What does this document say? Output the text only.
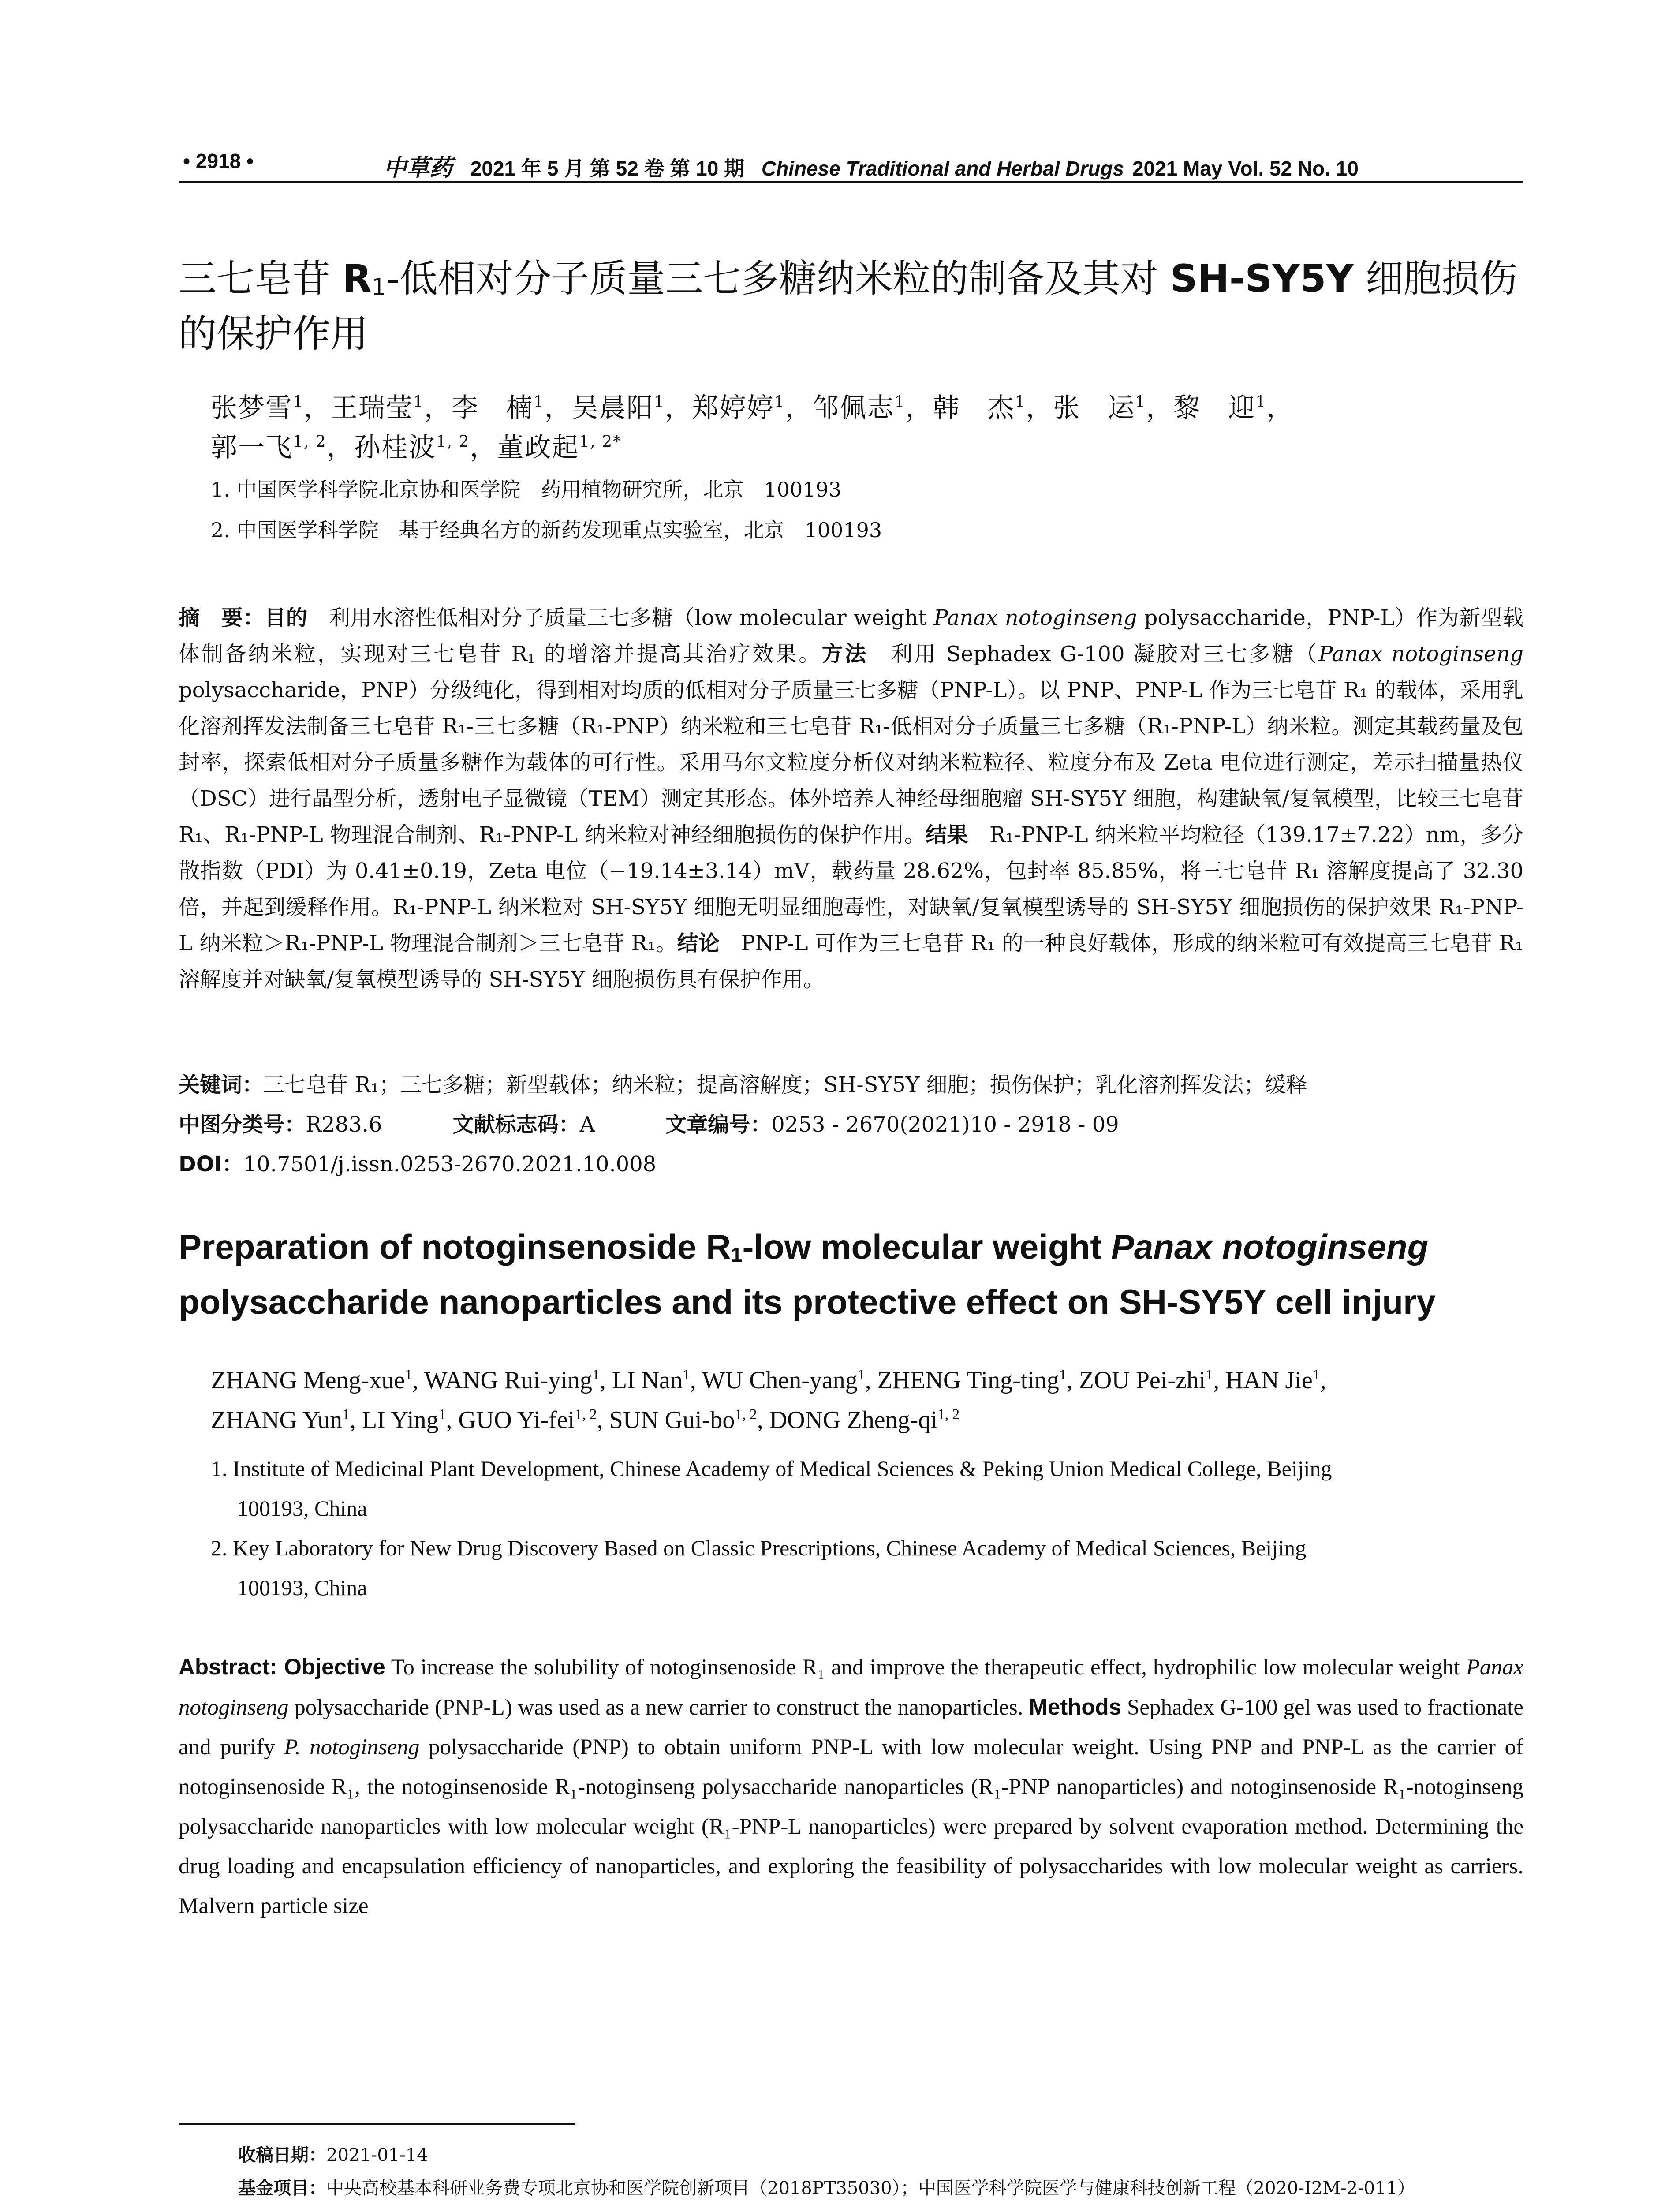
• 2918 •	中草药 2021 年 5 月 第 52 卷 第 10 期 Chinese Traditional and Herbal Drugs 2021 May Vol. 52 No. 10
三七皂苷 $R_1-$低相对分子质量三七多糖纳米粒的制备及其对 SH-SY5Y 细胞损伤的保护作用
张梦雪$^1$，王瑞莹$^1$，李　楠$^1$，吴晨阳$^1$，郑婷婷$^1$，邹佩志$^1$，韩　杰$^1$，张　运$^1$，黎　迎$^1$，
郭一飞$^{1, 2}$，孙桂波$^{1, 2}$，董政起$^{1, 2*}$
1. 中国医学科学院北京协和医学院　药用植物研究所，北京　100193
2. 中国医学科学院　基于经典名方的新药发现重点实验室，北京　100193
摘　要：目的　利用水溶性低相对分子质量三七多糖（low molecular weight Panax notoginseng polysaccharide，PNP-L）作为新型载体制备纳米粒，实现对三七皂苷 $R_1$ 的增溶并提高其治疗效果。方法　利用 Sephadex G-100 凝胶对三七多糖（Panax notoginseng polysaccharide，PNP）分级纯化，得到相对均质的低相对分子质量三七多糖（PNP-L）。以 PNP、PNP-L 作为三七皂苷 R₁ 的载体，采用乳化溶剂挥发法制备三七皂苷 R₁-三七多糖（R₁-PNP）纳米粒和三七皂苷 R₁-低相对分子质量三七多糖（R₁-PNP-L）纳米粒。测定其载药量及包封率，探索低相对分子质量多糖作为载体的可行性。采用马尔文粒度分析仪对纳米粒粒径、粒度分布及 Zeta 电位进行测定，差示扫描量热仪（DSC）进行晶型分析，透射电子显微镜（TEM）测定其形态。体外培养人神经母细胞瘤 SH-SY5Y 细胞，构建缺氧/复氧模型，比较三七皂苷 R₁、R₁-PNP-L 物理混合制剂、R₁-PNP-L 纳米粒对神经细胞损伤的保护作用。结果　R₁-PNP-L 纳米粒平均粒径（139.17±7.22）nm，多分散指数（PDI）为 0.41±0.19，Zeta 电位（−19.14±3.14）mV，载药量 28.62%，包封率 85.85%，将三七皂苷 R₁ 溶解度提高了 32.30 倍，并起到缓释作用。R₁-PNP-L 纳米粒对 SH-SY5Y 细胞无明显细胞毒性，对缺氧/复氧模型诱导的 SH-SY5Y 细胞损伤的保护效果 R₁-PNP-L 纳米粒＞R₁-PNP-L 物理混合制剂＞三七皂苷 R₁。结论　PNP-L 可作为三七皂苷 R₁ 的一种良好载体，形成的纳米粒可有效提高三七皂苷 R₁ 溶解度并对缺氧/复氧模型诱导的 SH-SY5Y 细胞损伤具有保护作用。
关键词：三七皂苷 R₁；三七多糖；新型载体；纳米粒；提高溶解度；SH-SY5Y 细胞；损伤保护；乳化溶剂挥发法；缓释
中图分类号：R283.6	文献标志码：A	文章编号：0253 - 2670(2021)10 - 2918 - 09
DOI：10.7501/j.issn.0253-2670.2021.10.008
Preparation of notoginsenoside $R_1$-low molecular weight Panax notoginseng polysaccharide nanoparticles and its protective effect on SH-SY5Y cell injury
ZHANG Meng-xue$^1$, WANG Rui-ying$^1$, LI Nan$^1$, WU Chen-yang$^1$, ZHENG Ting-ting$^1$, ZOU Pei-zhi$^1$, HAN Jie$^1$,
ZHANG Yun$^1$, LI Ying$^1$, GUO Yi-fei$^{1, 2}$, SUN Gui-bo$^{1, 2}$, DONG Zheng-qi$^{1, 2}$
1. Institute of Medicinal Plant Development, Chinese Academy of Medical Sciences & Peking Union Medical College, Beijing
100193, China
2. Key Laboratory for New Drug Discovery Based on Classic Prescriptions, Chinese Academy of Medical Sciences, Beijing
100193, China
Abstract: Objective To increase the solubility of notoginsenoside R₁ and improve the therapeutic effect, hydrophilic low molecular weight Panax notoginseng polysaccharide (PNP-L) was used as a new carrier to construct the nanoparticles. Methods Sephadex G-100 gel was used to fractionate and purify P. notoginseng polysaccharide (PNP) to obtain uniform PNP-L with low molecular weight. Using PNP and PNP-L as the carrier of notoginsenoside R₁, the notoginsenoside R₁-notoginseng polysaccharide nanoparticles (R₁-PNP nanoparticles) and notoginsenoside R₁-notoginseng polysaccharide nanoparticles with low molecular weight (R₁-PNP-L nanoparticles) were prepared by solvent evaporation method. Determining the drug loading and encapsulation efficiency of nanoparticles, and exploring the feasibility of polysaccharides with low molecular weight as carriers. Malvern particle size
收稿日期：2021-01-14
基金项目：中央高校基本科研业务费专项北京协和医学院创新项目（2018PT35030）；中国医学科学院医学与健康科技创新工程（2020-I2M-2-011）
